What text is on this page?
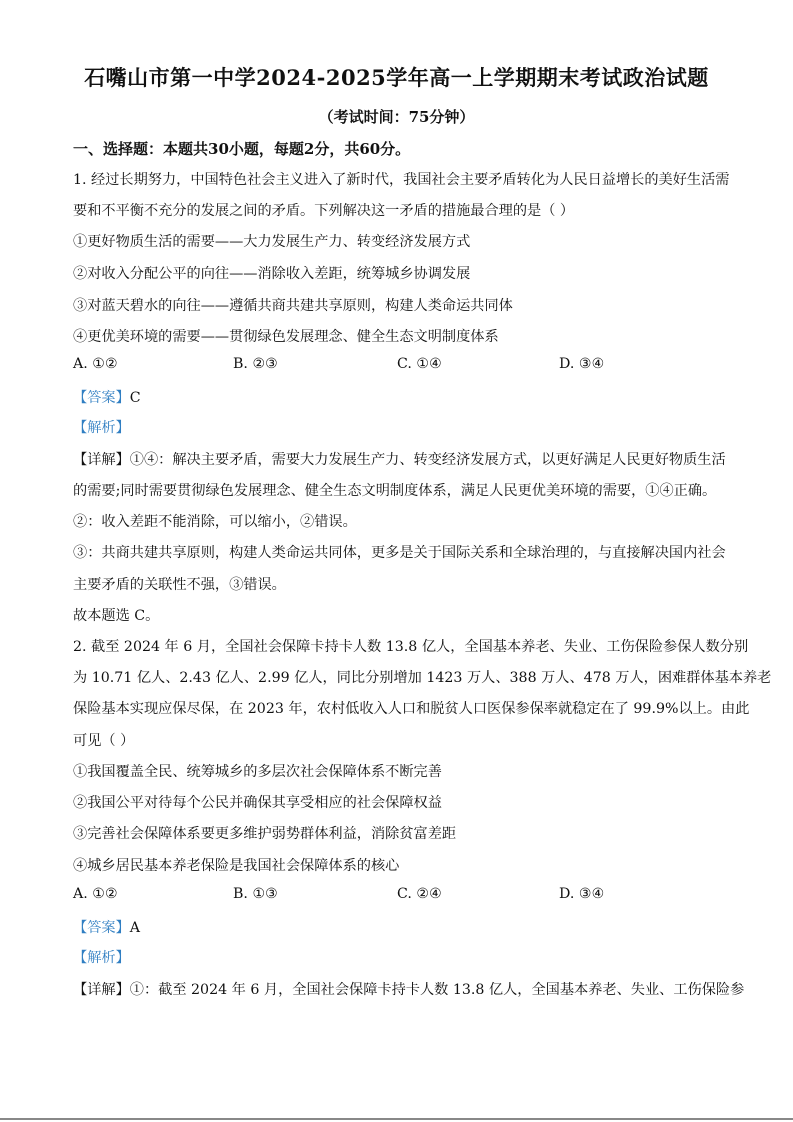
石嘴山市第一中学2024-2025学年高一上学期期末考试政治试题
（考试时间：75分钟）
一、选择题：本题共30小题，每题2分，共60分。
1. 经过长期努力，中国特色社会主义进入了新时代，我国社会主要矛盾转化为人民日益增长的美好生活需
要和不平衡不充分的发展之间的矛盾。下列解决这一矛盾的措施最合理的是（ ）
①更好物质生活的需要——大力发展生产力、转变经济发展方式
②对收入分配公平的向往——消除收入差距，统筹城乡协调发展
③对蓝天碧水的向往——遵循共商共建共享原则，构建人类命运共同体
④更优美环境的需要——贯彻绿色发展理念、健全生态文明制度体系
A. ①②	B. ②③	C. ①④	D. ③④
【答案】C
【解析】
【详解】①④：解决主要矛盾，需要大力发展生产力、转变经济发展方式，以更好满足人民更好物质生活
的需要;同时需要贯彻绿色发展理念、健全生态文明制度体系，满足人民更优美环境的需要，①④正确。
②：收入差距不能消除，可以缩小，②错误。
③：共商共建共享原则，构建人类命运共同体，更多是关于国际关系和全球治理的，与直接解决国内社会
主要矛盾的关联性不强，③错误。
故本题选 C。
2. 截至 2024 年 6 月，全国社会保障卡持卡人数 13.8 亿人，全国基本养老、失业、工伤保险参保人数分别
为 10.71 亿人、2.43 亿人、2.99 亿人，同比分别增加 1423 万人、388 万人、478 万人，困难群体基本养老
保险基本实现应保尽保，在 2023 年，农村低收入人口和脱贫人口医保参保率就稳定在了 99.9%以上。由此
可见（ ）
①我国覆盖全民、统筹城乡的多层次社会保障体系不断完善
②我国公平对待每个公民并确保其享受相应的社会保障权益
③完善社会保障体系要更多维护弱势群体利益，消除贫富差距
④城乡居民基本养老保险是我国社会保障体系的核心
A. ①②	B. ①③	C. ②④	D. ③④
【答案】A
【解析】
【详解】①：截至 2024 年 6 月，全国社会保障卡持卡人数 13.8 亿人，全国基本养老、失业、工伤保险参
